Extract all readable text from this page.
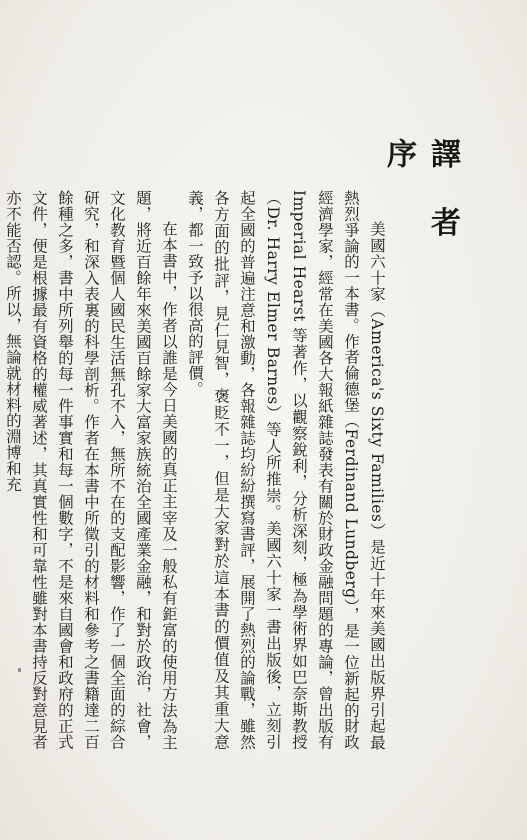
譯 者 序

美國六十家（America's Sixty Families）是近十年來美國出版界引起最熱烈爭論的一本書。作者倫德堡（Ferdinand Lundberg），是一位新起的財政經濟學家，經常在美國各大報紙雜誌發表有關於財政金融問題的專論，曾出版有 Imperial Hearst 等著作，以觀察銳利，分析深刻，極為學術界如巴奈斯教授（Dr. Harry Elmer Barnes）等人所推崇。美國六十家一書出版後，立刻引起全國的普遍注意和激動，各報雜誌均紛紛撰寫書評，展開了熱烈的論戰，雖然各方面的批評，見仁見智，褒貶不一，但是大家對於這本書的價值及其重大意義，都一致予以很高的評價。

在本書中，作者以誰是今日美國的真正主宰及一般私有鉅富的使用方法為主題，將近百餘年來美國百餘家大富家族統治全國產業金融，和對於政治，社會，文化教育暨個人國民生活無孔不入，無所不在的支配影響，作了一個全面的綜合研究，和深入表裏的科學剖析。作者在本書中所徵引的材料和參考之書籍達二百餘種之多，書中所列舉的每一件事實和每一個數字，不是來自國會和政府的正式文件，便是根據最有資格的權威著述，其真實性和可靠性雖對本書持反對意見者亦不能否認。所以，無論就材料的淵博和充
